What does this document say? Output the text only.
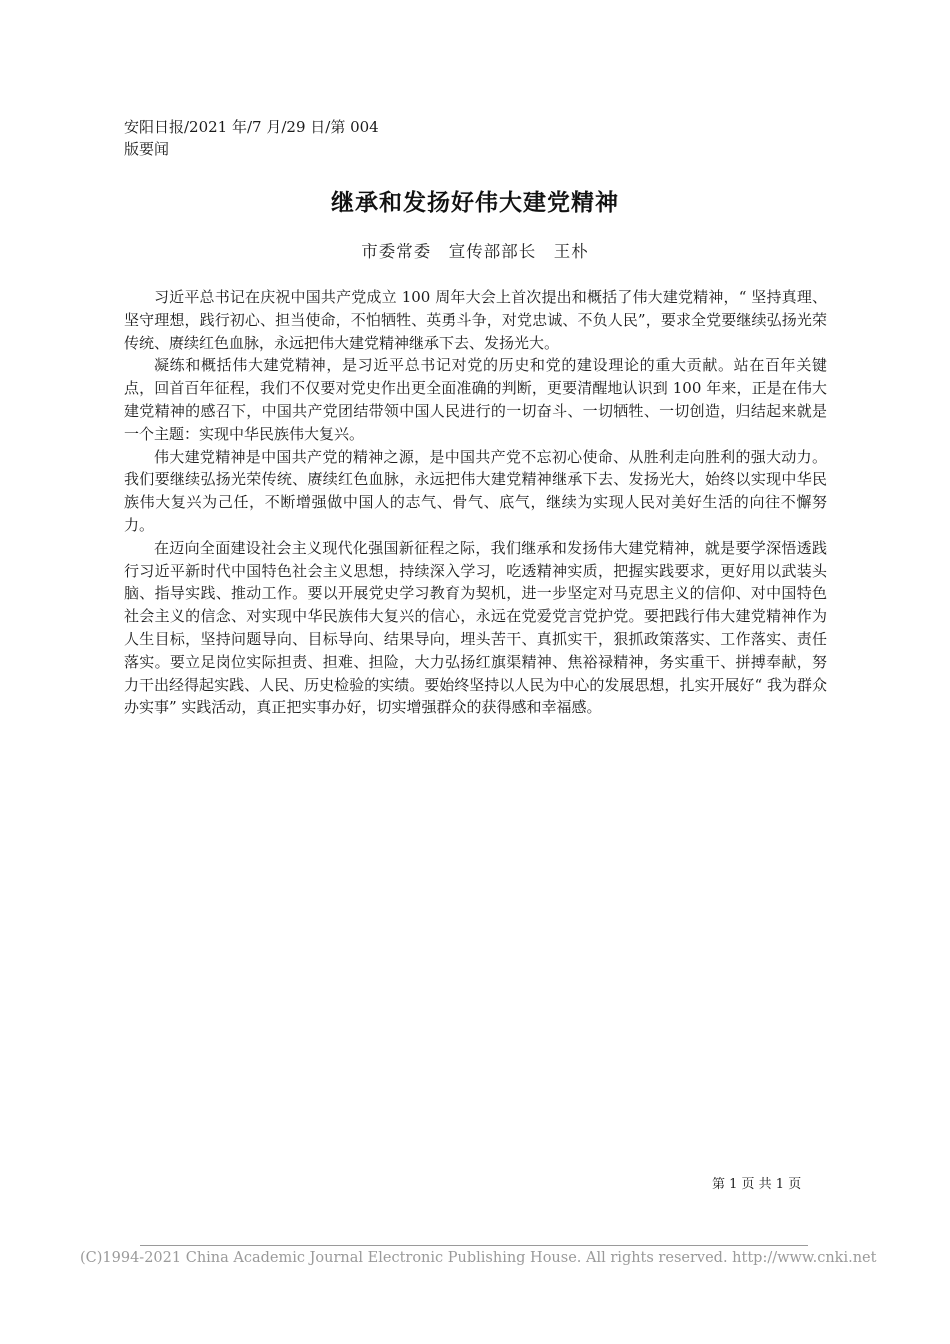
安阳日报/2021 年/7 月/29 日/第 004
版要闻
继承和发扬好伟大建党精神
市委常委　宣传部部长　王朴

习近平总书记在庆祝中国共产党成立 100 周年大会上首次提出和概括了伟大建党精神，“ 坚持真理、坚守理想，践行初心、担当使命，不怕牺牲、英勇斗争，对党忠诚、不负人民”，要求全党要继续弘扬光荣传统、赓续红色血脉，永远把伟大建党精神继承下去、发扬光大。

凝练和概括伟大建党精神，是习近平总书记对党的历史和党的建设理论的重大贡献。站在百年关键点，回首百年征程，我们不仅要对党史作出更全面准确的判断，更要清醒地认识到 100 年来，正是在伟大建党精神的感召下，中国共产党团结带领中国人民进行的一切奋斗、一切牺牲、一切创造，归结起来就是一个主题：实现中华民族伟大复兴。

伟大建党精神是中国共产党的精神之源，是中国共产党不忘初心使命、从胜利走向胜利的强大动力。我们要继续弘扬光荣传统、赓续红色血脉，永远把伟大建党精神继承下去、发扬光大，始终以实现中华民族伟大复兴为己任，不断增强做中国人的志气、骨气、底气，继续为实现人民对美好生活的向往不懈努力。

在迈向全面建设社会主义现代化强国新征程之际，我们继承和发扬伟大建党精神，就是要学深悟透践行习近平新时代中国特色社会主义思想，持续深入学习，吃透精神实质，把握实践要求，更好用以武装头脑、指导实践、推动工作。要以开展党史学习教育为契机，进一步坚定对马克思主义的信仰、对中国特色社会主义的信念、对实现中华民族伟大复兴的信心，永远在党爱党言党护党。要把践行伟大建党精神作为人生目标，坚持问题导向、目标导向、结果导向，埋头苦干、真抓实干，狠抓政策落实、工作落实、责任落实。要立足岗位实际担责、担难、担险，大力弘扬红旗渠精神、焦裕禄精神，务实重干、拼搏奉献，努力干出经得起实践、人民、历史检验的实绩。要始终坚持以人民为中心的发展思想，扎实开展好“ 我为群众办实事” 实践活动，真正把实事办好，切实增强群众的获得感和幸福感。

第 1 页 共 1 页
(C)1994-2021 China Academic Journal Electronic Publishing House. All rights reserved. http://www.cnki.net
